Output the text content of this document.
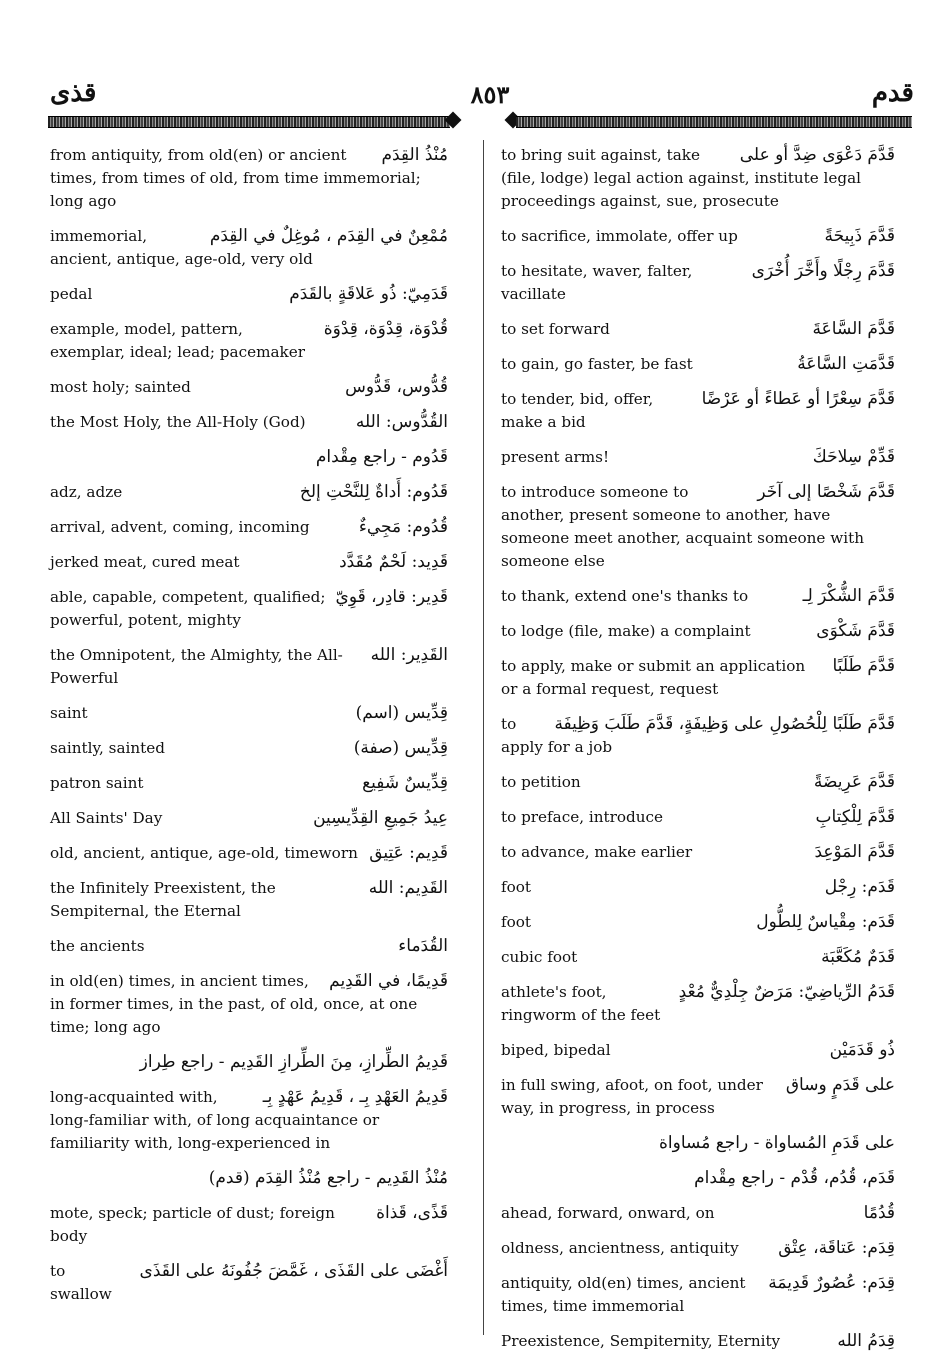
قذى	٨٥٣	قدم
مُنْذُ القِدَم
from antiquity, from old(en) or ancient times, from times of old, from time immemorial; long ago
مُمْعِنٌ في القِدَم ، مُوغِلٌ في القِدَم
immemorial, ancient, antique, age-old, very old
قَدَمِيّ: ذُو عَلاقَةٍ بالقَدَم
pedal
قُدْوَة، قِدْوَة، قِدْوَة
example, model, pattern, exemplar, ideal; lead; pacemaker
قُدُّوس، قَدُّوس
most holy; sainted
القُدُّوس: الله
the Most Holy, the All-Holy (God)
قَدُوم - راجع مِقْدام
قَدُوم: أَداةٌ لِلنَّحْتِ إلخ
adz, adze
قُدُوم: مَجِيءٌ
arrival, advent, coming, incoming
قَدِيد: لَحْمٌ مُقَدَّد
jerked meat, cured meat
قَدِير: قادِر، قَوِيّ
able, capable, competent, qualified; powerful, potent, mighty
القَدِير: الله
the Omnipotent, the Almighty, the All-Powerful
قِدِّيس (اسم)
saint
قِدِّيس (صفة)
saintly, sainted
قِدِّيسٌ شَفِيع
patron saint
عِيدُ جَمِيعِ القِدِّيسِين
All Saints' Day
قَدِيم: عَتِيق
old, ancient, antique, age-old, timeworn
القَدِيم: الله
the Infinitely Preexistent, the Sempiternal, the Eternal
القُدَماء
the ancients
قَدِيمًا، في القَدِيم
in old(en) times, in ancient times, in former times, in the past, of old, once, at one time; long ago
قَدِيمُ الطِّرازِ، مِنَ الطِّرازِ القَدِيم - راجع طِراز
قَدِيمُ العَهْدِ بِـ ، قَدِيمُ عَهْدٍ بِـ
long-acquainted with, long-familiar with, of long acquaintance or familiarity with, long-experienced in
مُنْذُ القَدِيم - راجع مُنْذُ القِدَم (قدم)
قَذًى، قَذاة
mote, speck; particle of dust; foreign body
أَغْضَى على القَذَى ، غَمَّضَ جُفُونَهُ على القَذَى
to swallow
قَدَّمَ دَعْوَى ضِدَّ أو على
to bring suit against, take (file, lodge) legal action against, institute legal proceedings against, sue, prosecute
قَدَّمَ ذَبِيحَةً
to sacrifice, immolate, offer up
قَدَّمَ رِجْلًا وأَخَّرَ أُخْرَى
to hesitate, waver, falter, vacillate
قَدَّمَ السَّاعَةَ
to set forward
قَدَّمَتِ السَّاعَةُ
to gain, go faster, be fast
قَدَّمَ سِعْرًا أو عَطاءً أو عَرْضًا
to tender, bid, offer, make a bid
قَدِّمْ سِلاحَكَ
present arms!
قَدَّمَ شَخْصًا إلى آخَر
to introduce someone to another, present someone to another, have someone meet another, acquaint someone with someone else
قَدَّمَ الشُّكْرَ لِـ
to thank, extend one's thanks to
قَدَّمَ شَكْوَى
to lodge (file, make) a complaint
قَدَّمَ طَلَبًا
to apply, make or submit an application or a formal request, request
قَدَّمَ طَلَبًا لِلْحُصُولِ على وَظِيفَةٍ، قَدَّمَ طَلَبَ وَظِيفَة
to apply for a job
قَدَّمَ عَرِيضَةً
to petition
قَدَّمَ لِلْكِتابِ
to preface, introduce
قَدَّمَ المَوْعِدَ
to advance, make earlier
قَدَم: رِجْل
foot
قَدَم: مِقْياسٌ لِلطُّول
foot
قَدَمٌ مُكَعَّبَة
cubic foot
قَدَمُ الرِّياضِيّ: مَرَضٌ جِلْدِيٌّ مُعْدٍ
athlete's foot, ringworm of the feet
ذُو قَدَمَيْن
biped, bipedal
على قَدَمٍ وساق
in full swing, afoot, on foot, under way, in progress, in process
على قَدَمِ المُساواة - راجع مُساواة
قَدَم، قُدُم، قُدْم - راجع مِقْدام
قُدُمًا
ahead, forward, onward, on
قِدَم: عَتاقَة، عِتْق
oldness, ancientness, antiquity
قِدَم: عُصُورٌ قَدِيمَة
antiquity, old(en) times, ancient times, time immemorial
قِدَمُ الله
Preexistence, Sempiternity, Eternity
